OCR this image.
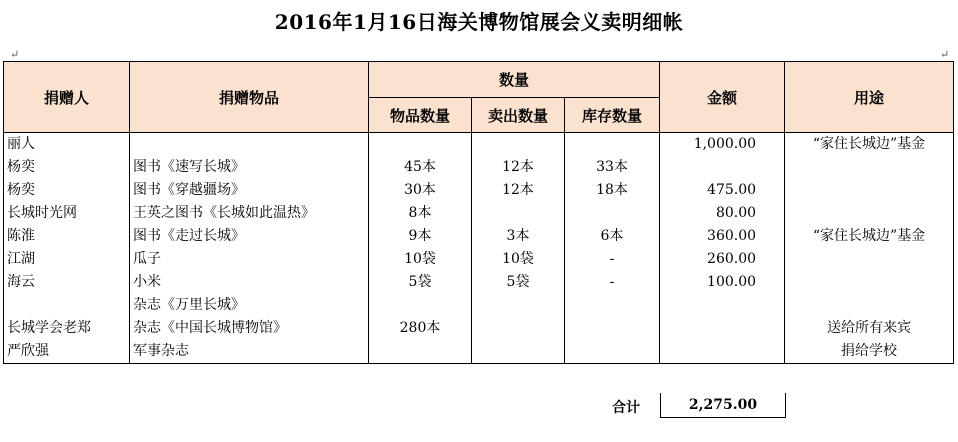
2016年1月16日海关博物馆展会义卖明细帐
↵	↵
捐赠人	捐赠物品	数量			金额	用途
		物品数量	卖出数量	库存数量		
丽人					1,000.00	“家住长城边”基金
杨奕	图书《速写长城》	45本	12本	33本		
杨奕	图书《穿越疆场》	30本	12本	18本	475.00	
长城时光网	王英之图书《长城如此温热》	8本			80.00	
陈淮	图书《走过长城》	9本	3本	6本	360.00	“家住长城边”基金
江湖	瓜子	10袋	10袋	-	260.00	
海云	小米	5袋	5袋	-	100.00	
	杂志《万里长城》					
长城学会老郑	杂志《中国长城博物馆》	280本				送给所有来宾
严欣强	军事杂志					捐给学校
合计	2,275.00
